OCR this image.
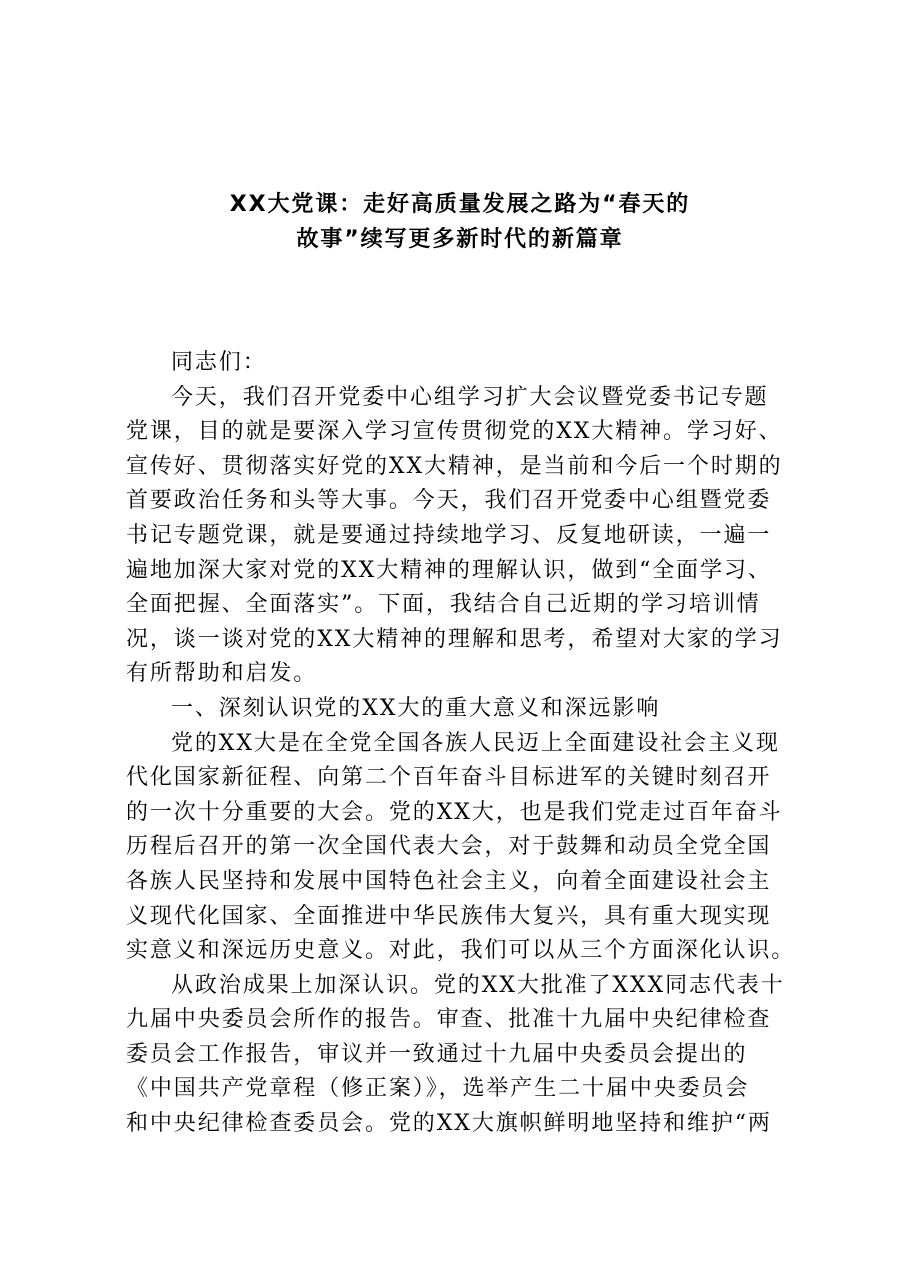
XX大党课：走好高质量发展之路为“春天的
故事”续写更多新时代的新篇章
同志们：
今天，我们召开党委中心组学习扩大会议暨党委书记专题
党课，目的就是要深入学习宣传贯彻党的XX大精神。学习好、
宣传好、贯彻落实好党的XX大精神，是当前和今后一个时期的
首要政治任务和头等大事。今天，我们召开党委中心组暨党委
书记专题党课，就是要通过持续地学习、反复地研读，一遍一
遍地加深大家对党的XX大精神的理解认识，做到“全面学习、
全面把握、全面落实”。下面，我结合自己近期的学习培训情
况，谈一谈对党的XX大精神的理解和思考，希望对大家的学习
有所帮助和启发。
一、深刻认识党的XX大的重大意义和深远影响
党的XX大是在全党全国各族人民迈上全面建设社会主义现
代化国家新征程、向第二个百年奋斗目标进军的关键时刻召开
的一次十分重要的大会。党的XX大，也是我们党走过百年奋斗
历程后召开的第一次全国代表大会，对于鼓舞和动员全党全国
各族人民坚持和发展中国特色社会主义，向着全面建设社会主
义现代化国家、全面推进中华民族伟大复兴，具有重大现实现
实意义和深远历史意义。对此，我们可以从三个方面深化认识。
从政治成果上加深认识。党的XX大批准了XXX同志代表十
九届中央委员会所作的报告。审查、批准十九届中央纪律检查
委员会工作报告，审议并一致通过十九届中央委员会提出的
《中国共产党章程（修正案）》，选举产生二十届中央委员会
和中央纪律检查委员会。党的XX大旗帜鲜明地坚持和维护“两
